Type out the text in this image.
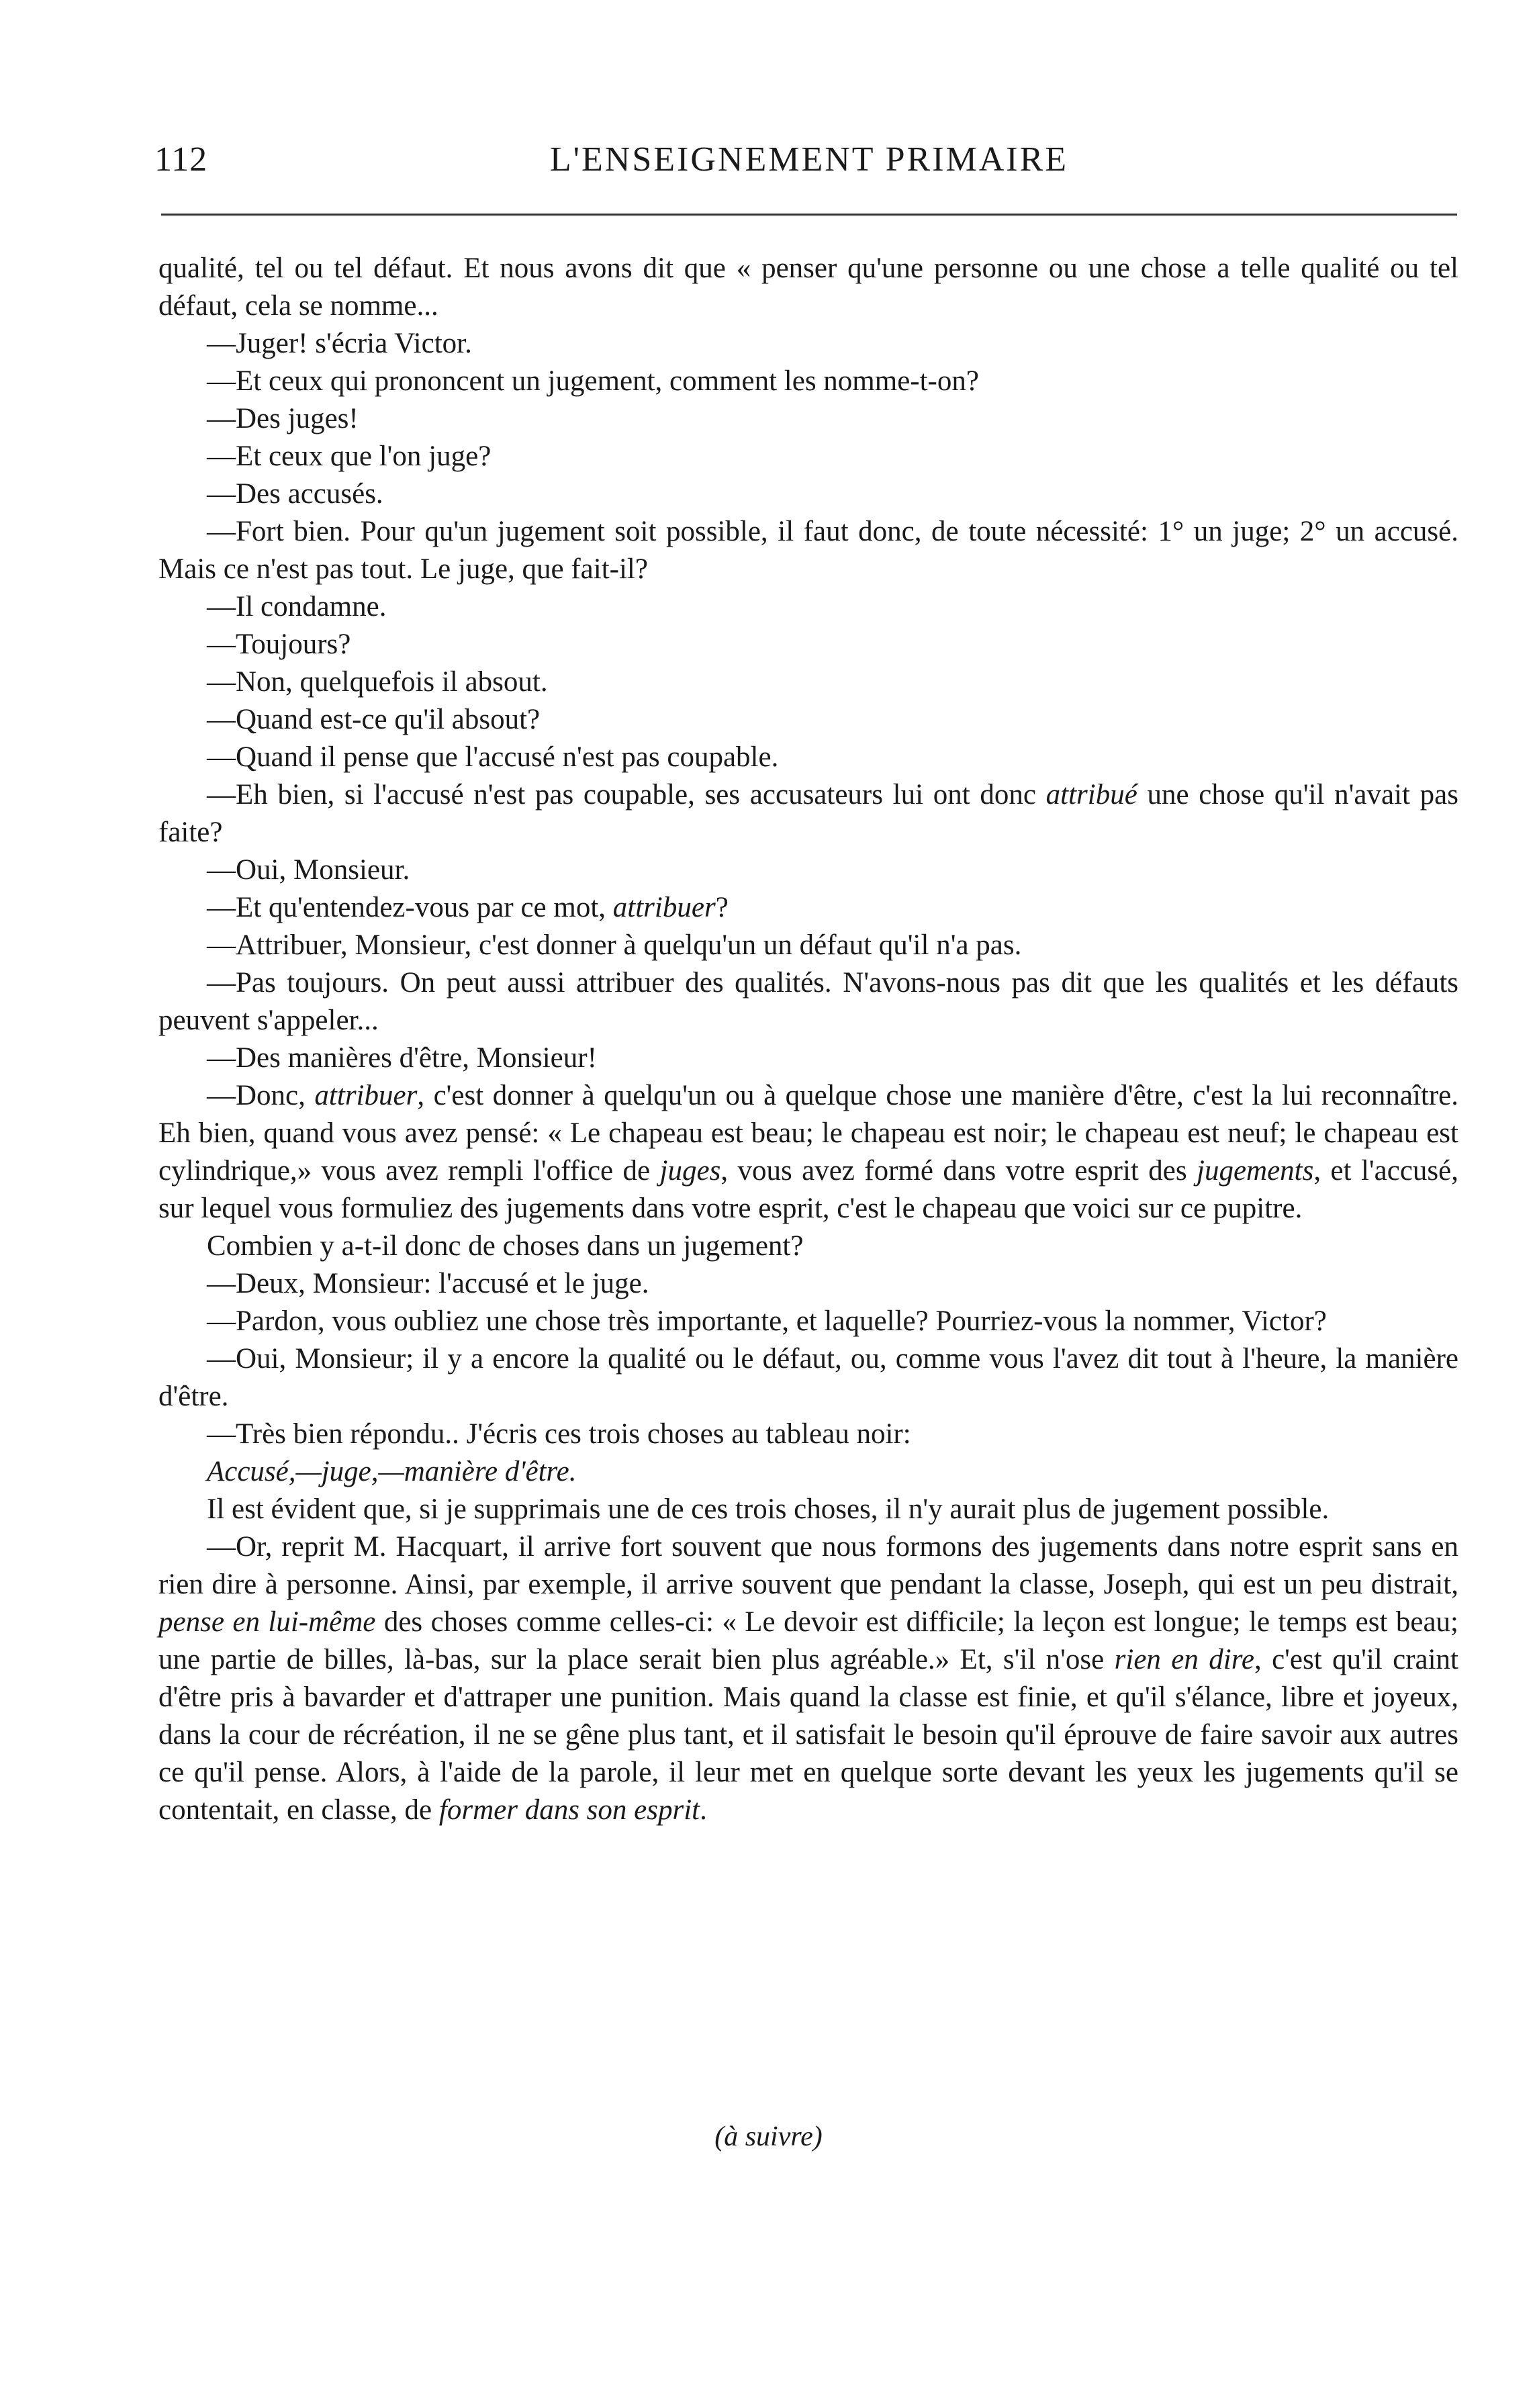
112	L'ENSEIGNEMENT PRIMAIRE

qualité, tel ou tel défaut. Et nous avons dit que « penser qu'une personne ou une chose a telle qualité ou tel défaut, cela se nomme...

—Juger! s'écria Victor.

—Et ceux qui prononcent un jugement, comment les nomme-t-on?

—Des juges!

—Et ceux que l'on juge?

—Des accusés.

—Fort bien. Pour qu'un jugement soit possible, il faut donc, de toute nécessité: 1° un juge; 2° un accusé. Mais ce n'est pas tout. Le juge, que fait-il?

—Il condamne.

—Toujours?

—Non, quelquefois il absout.

—Quand est-ce qu'il absout?

—Quand il pense que l'accusé n'est pas coupable.

—Eh bien, si l'accusé n'est pas coupable, ses accusateurs lui ont donc attribué une chose qu'il n'avait pas faite?

—Oui, Monsieur.

—Et qu'entendez-vous par ce mot, attribuer?

—Attribuer, Monsieur, c'est donner à quelqu'un un défaut qu'il n'a pas.

—Pas toujours. On peut aussi attribuer des qualités. N'avons-nous pas dit que les qualités et les défauts peuvent s'appeler...

—Des manières d'être, Monsieur!

—Donc, attribuer, c'est donner à quelqu'un ou à quelque chose une manière d'être, c'est la lui reconnaître. Eh bien, quand vous avez pensé: « Le chapeau est beau; le chapeau est noir; le chapeau est neuf; le chapeau est cylindrique,» vous avez rempli l'office de juges, vous avez formé dans votre esprit des jugements, et l'accusé, sur lequel vous formuliez des jugements dans votre esprit, c'est le chapeau que voici sur ce pupitre.

Combien y a-t-il donc de choses dans un jugement?

—Deux, Monsieur: l'accusé et le juge.

—Pardon, vous oubliez une chose très importante, et laquelle? Pourriez-vous la nommer, Victor?

—Oui, Monsieur; il y a encore la qualité ou le défaut, ou, comme vous l'avez dit tout à l'heure, la manière d'être.

—Très bien répondu.. J'écris ces trois choses au tableau noir:

Accusé,—juge,—manière d'être.

Il est évident que, si je supprimais une de ces trois choses, il n'y aurait plus de jugement possible.

—Or, reprit M. Hacquart, il arrive fort souvent que nous formons des jugements dans notre esprit sans en rien dire à personne. Ainsi, par exemple, il arrive souvent que pendant la classe, Joseph, qui est un peu distrait, pense en lui-même des choses comme celles-ci: « Le devoir est difficile; la leçon est longue; le temps est beau; une partie de billes, là-bas, sur la place serait bien plus agréable.» Et, s'il n'ose rien en dire, c'est qu'il craint d'être pris à bavarder et d'attraper une punition. Mais quand la classe est finie, et qu'il s'élance, libre et joyeux, dans la cour de récréation, il ne se gêne plus tant, et il satisfait le besoin qu'il éprouve de faire savoir aux autres ce qu'il pense. Alors, à l'aide de la parole, il leur met en quelque sorte devant les yeux les jugements qu'il se contentait, en classe, de former dans son esprit.

(à suivre)
